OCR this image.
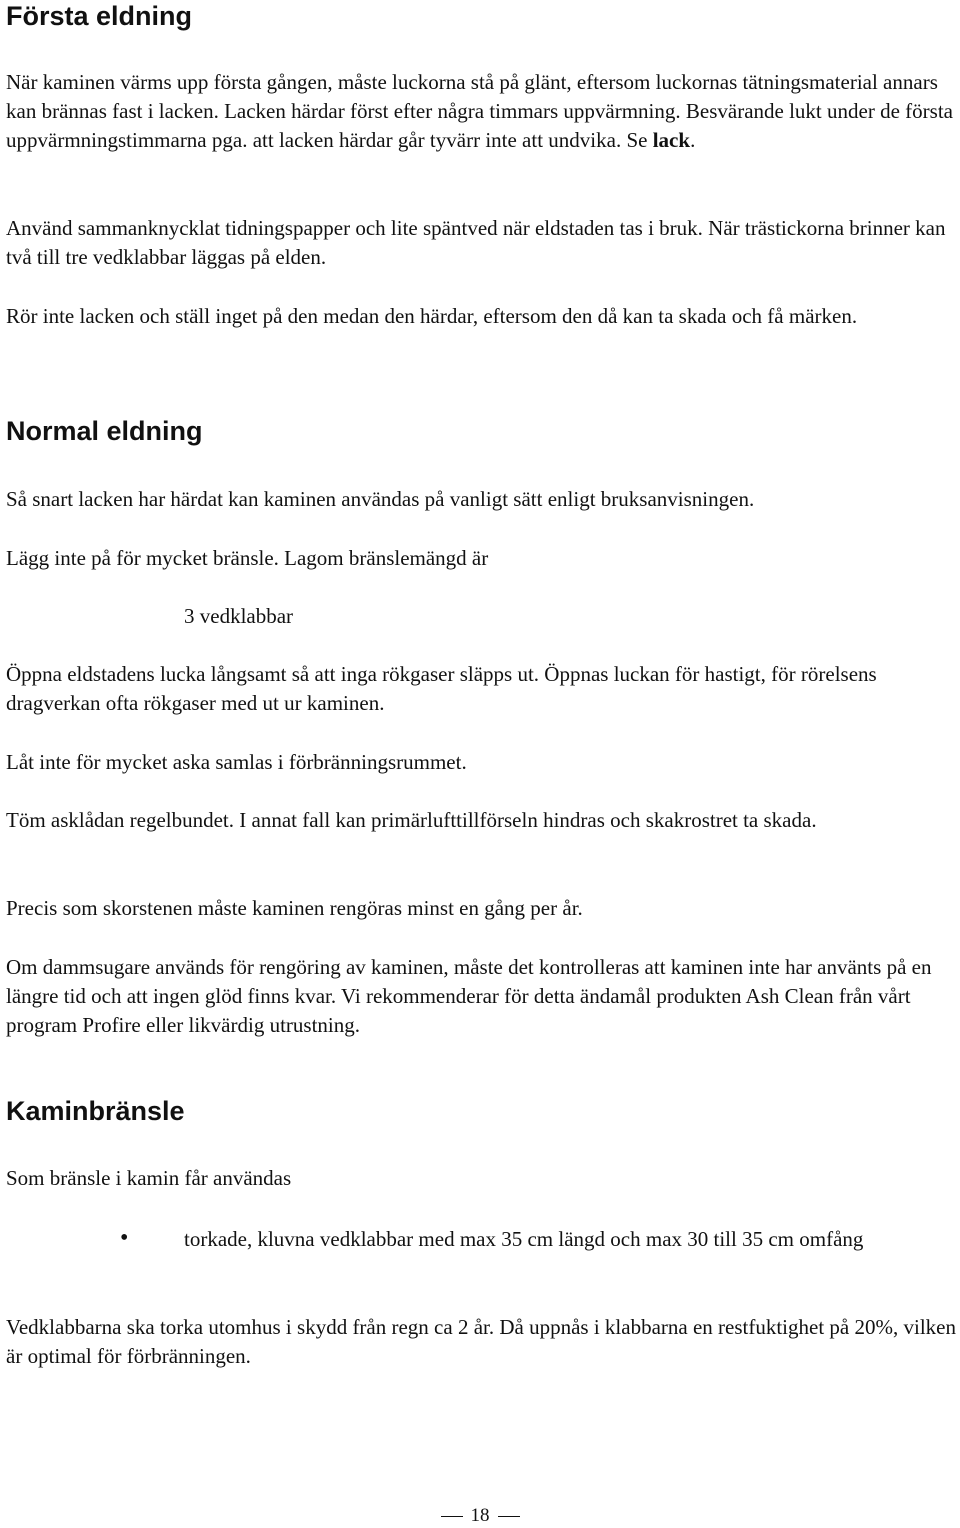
Första eldning

När kaminen värms upp första gången, måste luckorna stå på glänt, eftersom luckornas tätningsmaterial annars kan brännas fast i lacken. Lacken härdar först efter några timmars uppvärmning. Besvärande lukt under de första uppvärmningstimmarna pga. att lacken härdar går tyvärr inte att undvika. Se lack.

Använd sammanknycklat tidningspapper och lite späntved när eldstaden tas i bruk. När trästickorna brinner kan två till tre vedklabbar läggas på elden.

Rör inte lacken och ställ inget på den medan den härdar, eftersom den då kan ta skada och få märken.

Normal eldning

Så snart lacken har härdat kan kaminen användas på vanligt sätt enligt bruksanvisningen.

Lägg inte på för mycket bränsle. Lagom bränslemängd är

3 vedklabbar

Öppna eldstadens lucka långsamt så att inga rökgaser släpps ut. Öppnas luckan för hastigt, för rörelsens dragverkan ofta rökgaser med ut ur kaminen.

Låt inte för mycket aska samlas i förbränningsrummet.

Töm asklådan regelbundet. I annat fall kan primärlufttillförseln hindras och skakrostret ta skada.

Precis som skorstenen måste kaminen rengöras minst en gång per år.

Om dammsugare används för rengöring av kaminen, måste det kontrolleras att kaminen inte har använts på en längre tid och att ingen glöd finns kvar. Vi rekommenderar för detta ändamål produkten Ash Clean från vårt program Profire eller likvärdig utrustning.

Kaminbränsle

Som bränsle i kamin får användas

•	torkade, kluvna vedklabbar med max 35 cm längd och max 30 till 35 cm omfång

Vedklabbarna ska torka utomhus i skydd från regn ca 2 år. Då uppnås i klabbarna en restfuktighet på 20%, vilken är optimal för förbränningen.

18
